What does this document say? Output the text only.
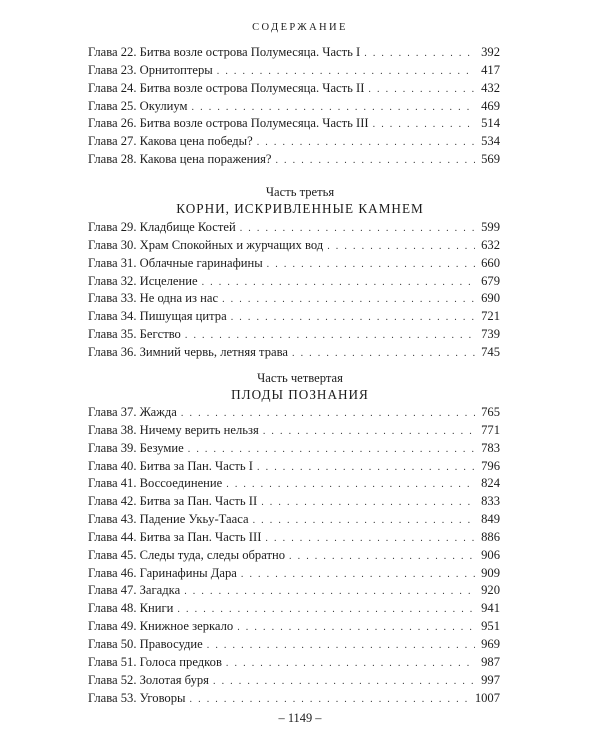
СОДЕРЖАНИЕ
Глава 22. Битва возле острова Полумесяца. Часть I . . .	392
Глава 23. Орнитоптеры . . .	417
Глава 24. Битва возле острова Полумесяца. Часть II . . .	432
Глава 25. Окулиум . . .	469
Глава 26. Битва возле острова Полумесяца. Часть III . . .	514
Глава 27. Какова цена победы? . . .	534
Глава 28. Какова цена поражения? . . .	569
Часть третья
КОРНИ, ИСКРИВЛЕННЫЕ КАМНЕМ
Глава 29. Кладбище Костей . . .	599
Глава 30. Храм Спокойных и журчащих вод . . .	632
Глава 31. Облачные гаринафины . . .	660
Глава 32. Исцеление . . .	679
Глава 33. Не одна из нас . . .	690
Глава 34. Пишущая цитра . . .	721
Глава 35. Бегство . . .	739
Глава 36. Зимний червь, летняя трава . . .	745
Часть четвертая
ПЛОДЫ ПОЗНАНИЯ
Глава 37. Жажда . . .	765
Глава 38. Ничему верить нельзя . . .	771
Глава 39. Безумие . . .	783
Глава 40. Битва за Пан. Часть I . . .	796
Глава 41. Воссоединение . . .	824
Глава 42. Битва за Пан. Часть II . . .	833
Глава 43. Падение Укьу-Тааса . . .	849
Глава 44. Битва за Пан. Часть III . . .	886
Глава 45. Следы туда, следы обратно . . .	906
Глава 46. Гаринафины Дара . . .	909
Глава 47. Загадка . . .	920
Глава 48. Книги . . .	941
Глава 49. Книжное зеркало . . .	951
Глава 50. Правосудие . . .	969
Глава 51. Голоса предков . . .	987
Глава 52. Золотая буря . . .	997
Глава 53. Уговоры . . .	1007
– 1149 –
